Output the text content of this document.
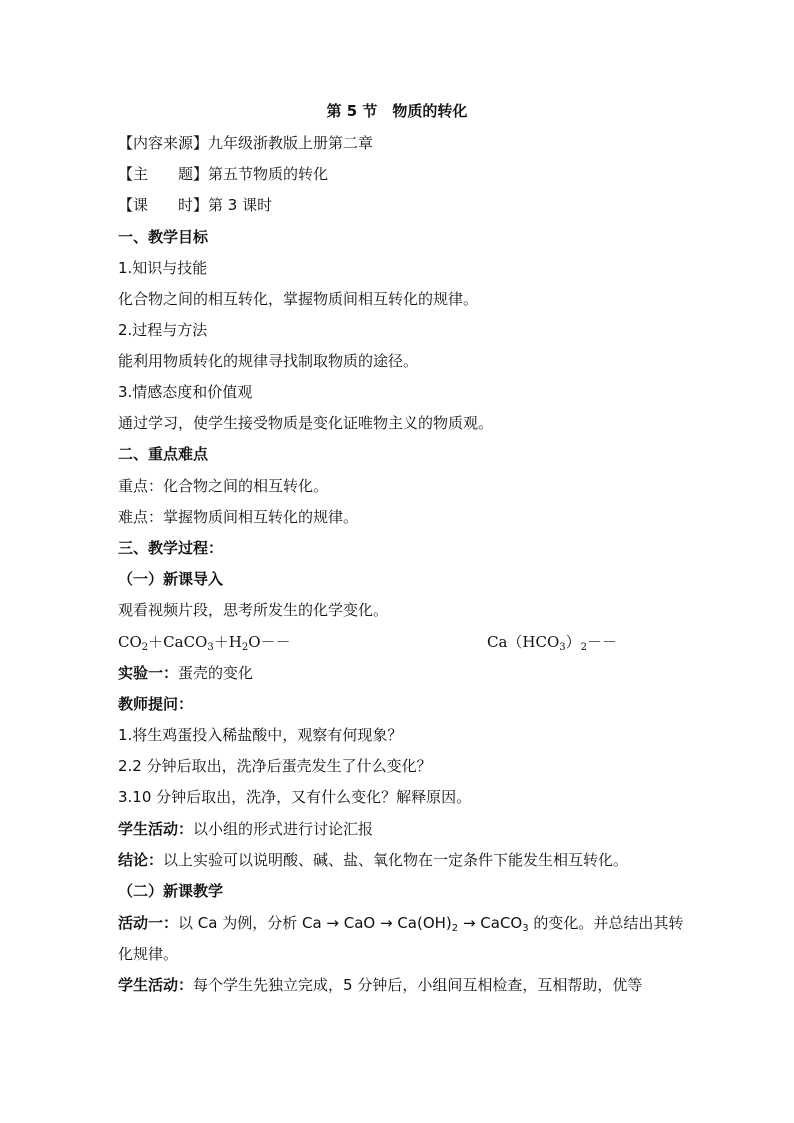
第 5 节　物质的转化
【内容来源】九年级浙教版上册第二章
【主　　题】第五节物质的转化
【课　　时】第 3 课时
一、教学目标
1.知识与技能
化合物之间的相互转化，掌握物质间相互转化的规律。
2.过程与方法
能利用物质转化的规律寻找制取物质的途径。
3.情感态度和价值观
通过学习，使学生接受物质是变化证唯物主义的物质观。
二、重点难点
重点：化合物之间的相互转化。
难点：掌握物质间相互转化的规律。
三、教学过程：
（一）新课导入
观看视频片段，思考所发生的化学变化。
$CO_2+CaCO_3+H_2O--$	$Ca(HCO_3)_2--$
实验一：蛋壳的变化
教师提问：
1.将生鸡蛋投入稀盐酸中，观察有何现象？
2.2 分钟后取出，洗净后蛋壳发生了什么变化？
3.10 分钟后取出，洗净，又有什么变化？解释原因。
学生活动：以小组的形式进行讨论汇报
结论：以上实验可以说明酸、碱、盐、氧化物在一定条件下能发生相互转化。
（二）新课教学
活动一：以 Ca 为例，分析 Ca → CaO → $Ca(OH)_2$ → CaCO$_3$ 的变化。并总结出其转
化规律。
学生活动：每个学生先独立完成，5 分钟后，小组间互相检查，互相帮助，优等
